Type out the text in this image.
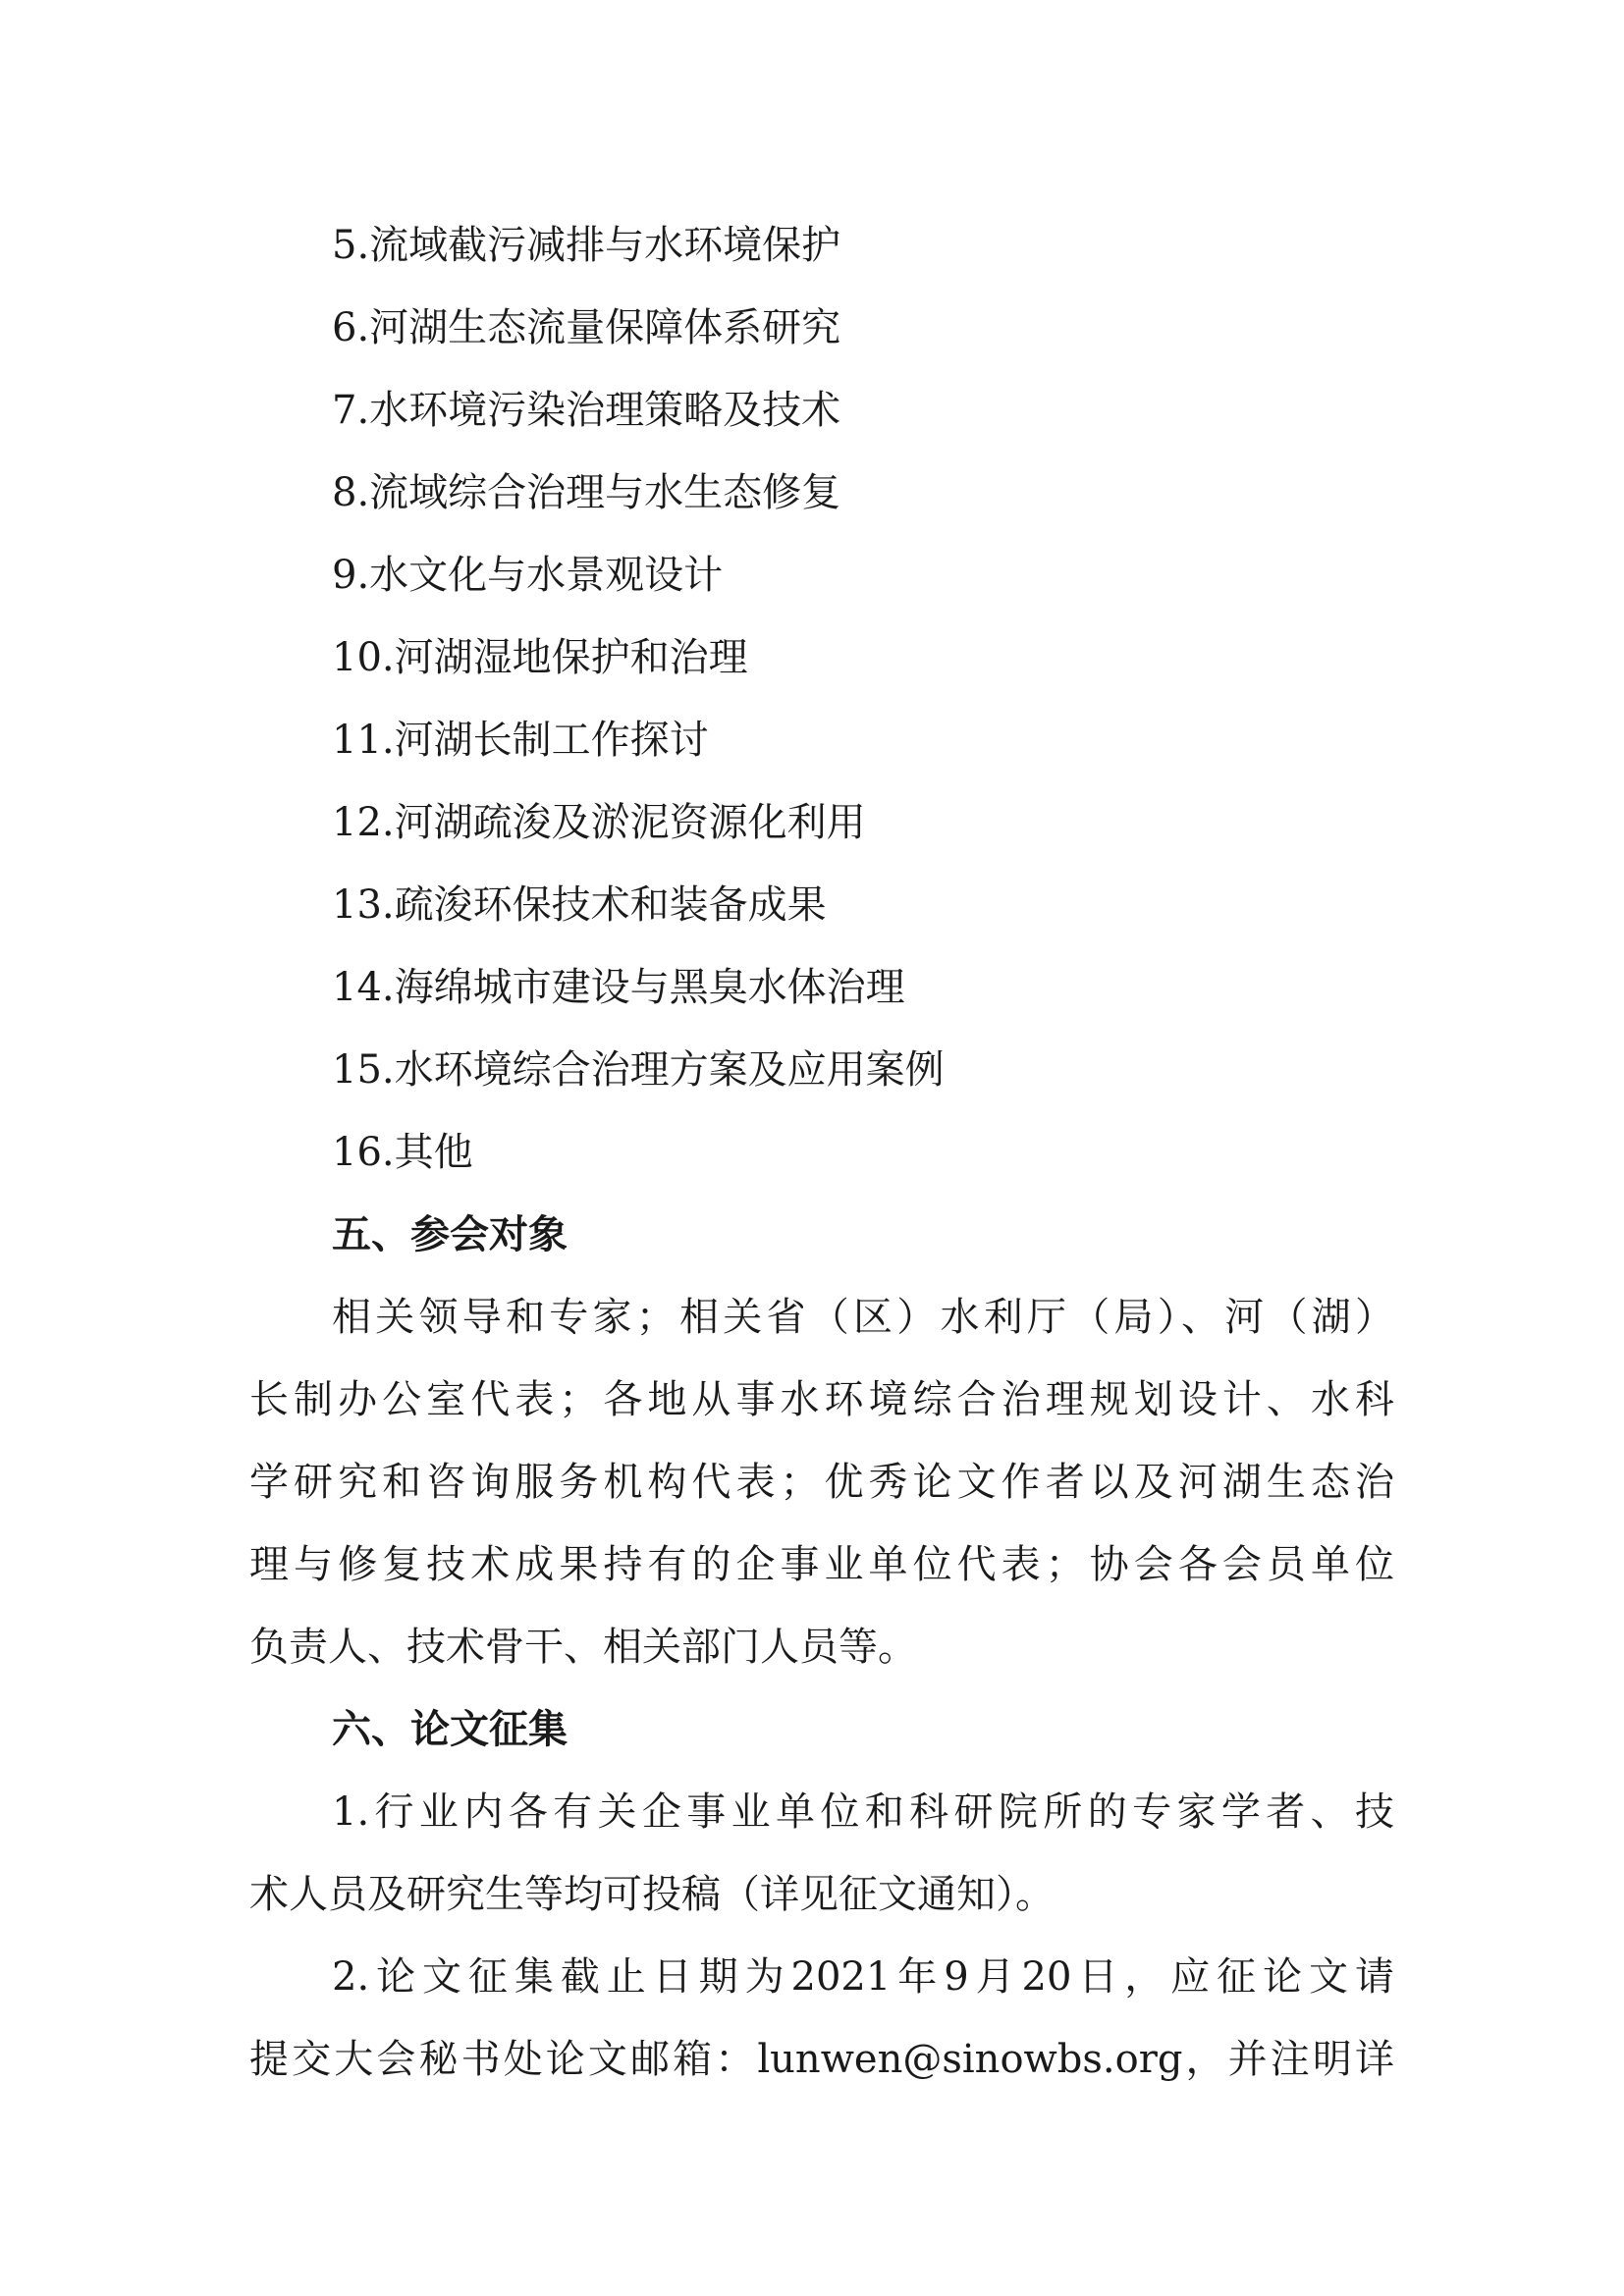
5.流域截污减排与水环境保护
6.河湖生态流量保障体系研究
7.水环境污染治理策略及技术
8.流域综合治理与水生态修复
9.水文化与水景观设计
10.河湖湿地保护和治理
11.河湖长制工作探讨
12.河湖疏浚及淤泥资源化利用
13.疏浚环保技术和装备成果
14.海绵城市建设与黑臭水体治理
15.水环境综合治理方案及应用案例
16.其他
五、参会对象
相关领导和专家；相关省（区）水利厅（局）、河（湖）
长制办公室代表；各地从事水环境综合治理规划设计、水科
学研究和咨询服务机构代表；优秀论文作者以及河湖生态治
理与修复技术成果持有的企事业单位代表；协会各会员单位
负责人、技术骨干、相关部门人员等。
六、论文征集
1.行业内各有关企事业单位和科研院所的专家学者、技
术人员及研究生等均可投稿（详见征文通知）。
2.论文征集截止日期为2021年9月20日，应征论文请
提交大会秘书处论文邮箱：lunwen@sinowbs.org，并注明详
